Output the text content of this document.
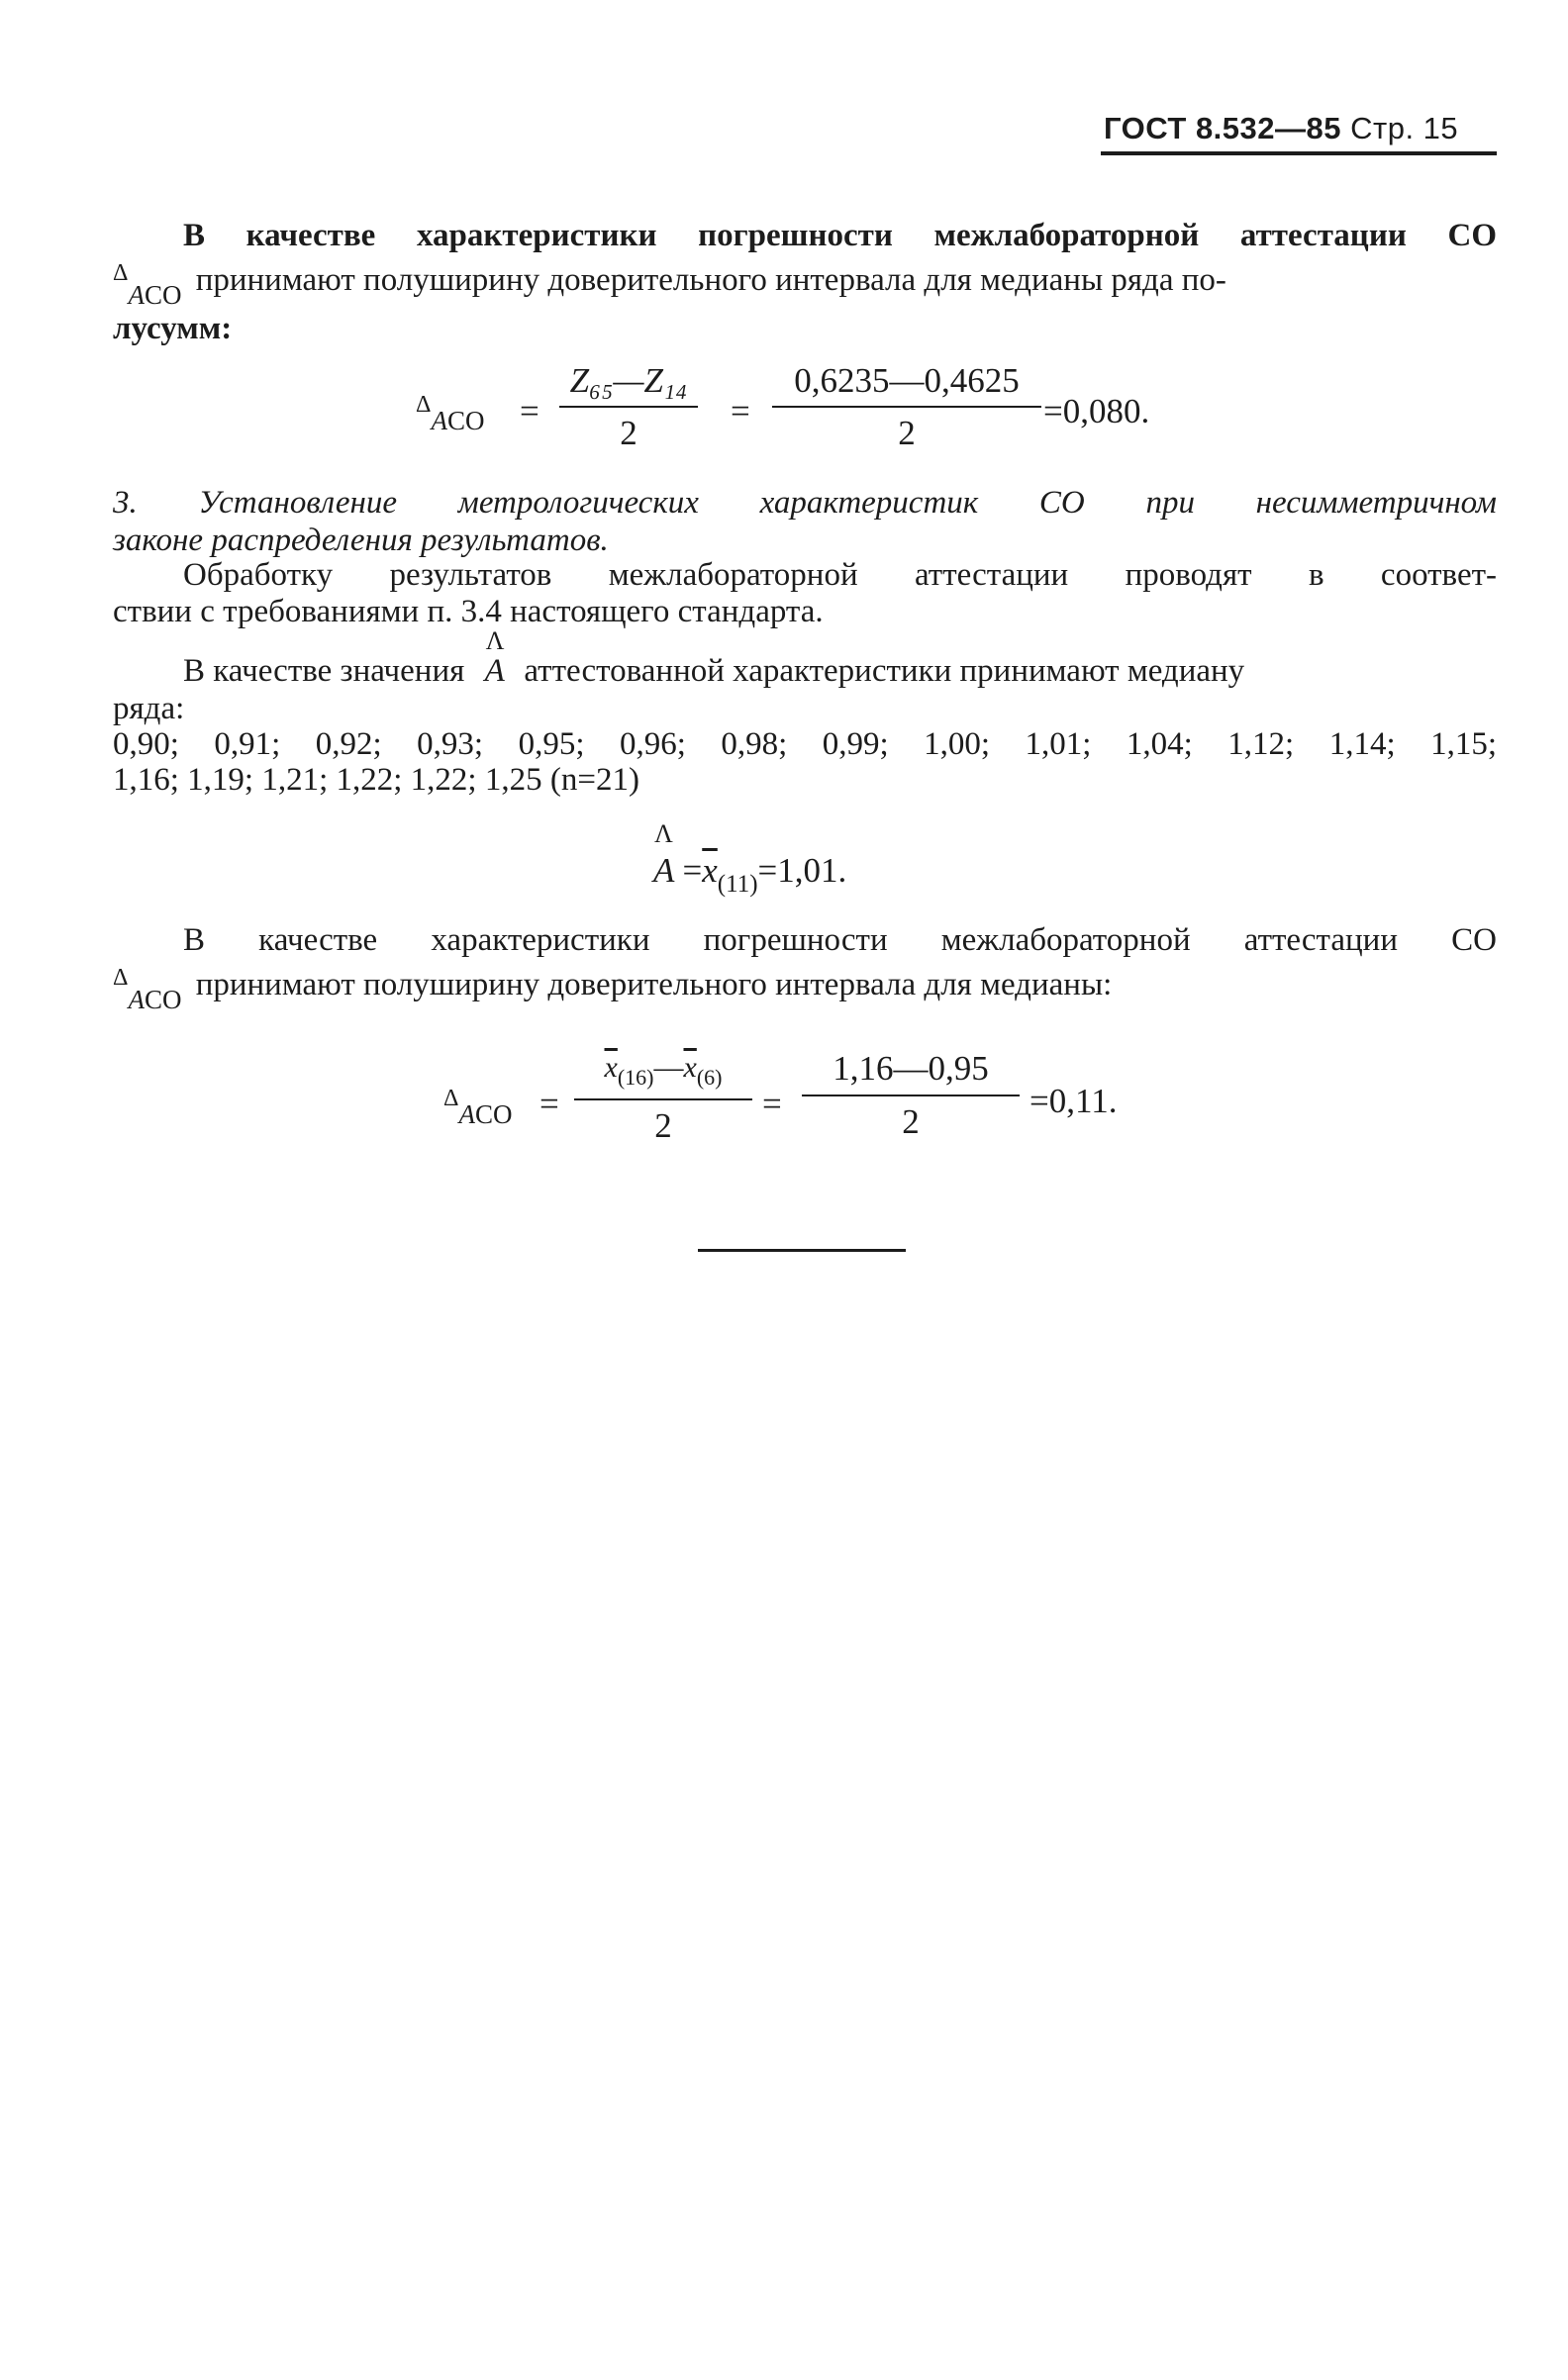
ГОСТ 8.532—85 Стр. 15
В качестве характеристики погрешности межлабораторной аттестации СО
$^\Delta_{ACO}$ принимают полуширину доверительного интервала для медианы ряда по-
лусумм:
$^\Delta_{ACO}$ =
Z₆₅—Z₁₄
2
=
0,6235—0,4625
2
=0,080.
3. Установление метрологических характеристик СО при несимметричном
законе распределения результатов.
Обработку результатов межлабораторной аттестации проводят в соответ-
ствии с требованиями п. 3.4 настоящего стандарта.
В качестве значения
Λ
A аттестованной характеристики принимают медиану
ряда:
0,90; 0,91; 0,92; 0,93; 0,95; 0,96; 0,98; 0,99; 1,00; 1,01; 1,04; 1,12; 1,14; 1,15;
1,16; 1,19; 1,21; 1,22; 1,22; 1,25 (n=21)
Λ
$A =\overline{x}_{(11)}=1,01$.
В качестве характеристики погрешности межлабораторной аттестации СО
$^\Delta_{ACO}$ принимают полуширину доверительного интервала для медианы:
$^\Delta_{ACO}$ =
$\overline{x}_{(16)}—\overline{x}_{(6)}$
2
=
1,16—0,95
2
=0,11.
